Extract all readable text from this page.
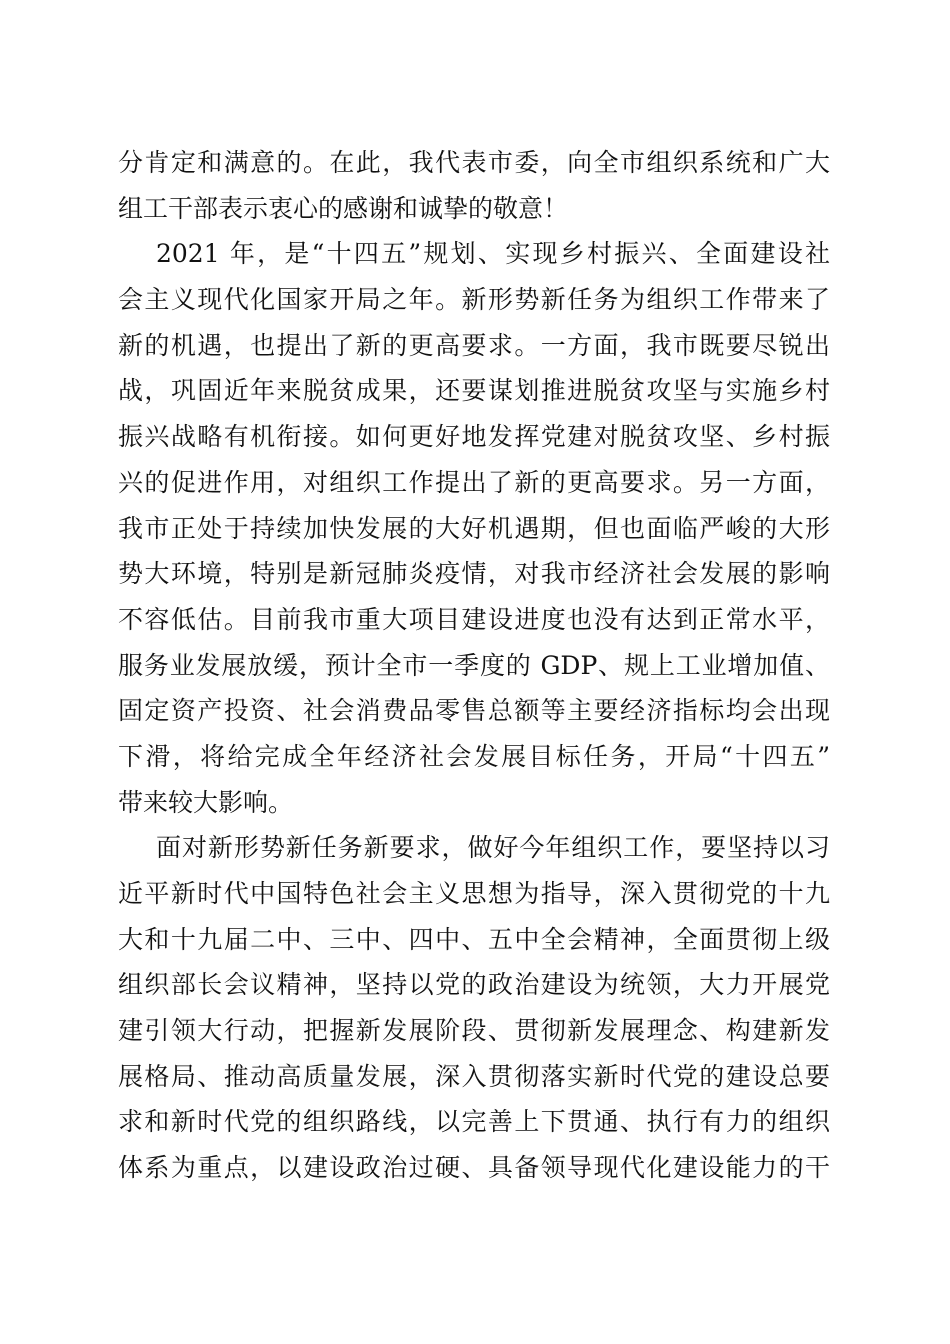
分肯定和满意的。在此，我代表市委，向全市组织系统和广大
组工干部表示衷心的感谢和诚挚的敬意！

2021 年，是“十四五”规划、实现乡村振兴、全面建设社
会主义现代化国家开局之年。新形势新任务为组织工作带来了
新的机遇，也提出了新的更高要求。一方面，我市既要尽锐出
战，巩固近年来脱贫成果，还要谋划推进脱贫攻坚与实施乡村
振兴战略有机衔接。如何更好地发挥党建对脱贫攻坚、乡村振
兴的促进作用，对组织工作提出了新的更高要求。另一方面，
我市正处于持续加快发展的大好机遇期，但也面临严峻的大形
势大环境，特别是新冠肺炎疫情，对我市经济社会发展的影响
不容低估。目前我市重大项目建设进度也没有达到正常水平，
服务业发展放缓，预计全市一季度的 GDP、规上工业增加值、
固定资产投资、社会消费品零售总额等主要经济指标均会出现
下滑，将给完成全年经济社会发展目标任务，开局“十四五”
带来较大影响。

面对新形势新任务新要求，做好今年组织工作，要坚持以习
近平新时代中国特色社会主义思想为指导，深入贯彻党的十九
大和十九届二中、三中、四中、五中全会精神，全面贯彻上级
组织部长会议精神，坚持以党的政治建设为统领，大力开展党
建引领大行动，把握新发展阶段、贯彻新发展理念、构建新发
展格局、推动高质量发展，深入贯彻落实新时代党的建设总要
求和新时代党的组织路线，以完善上下贯通、执行有力的组织
体系为重点，以建设政治过硬、具备领导现代化建设能力的干
